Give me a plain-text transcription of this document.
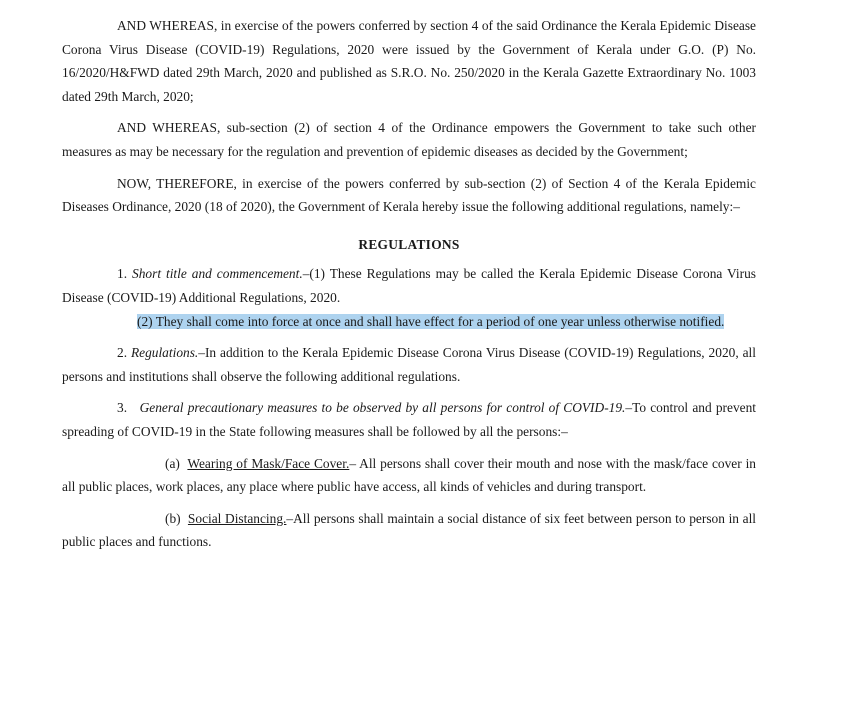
AND WHEREAS, in exercise of the powers conferred by section 4 of the said Ordinance the Kerala Epidemic Disease Corona Virus Disease (COVID-19) Regulations, 2020 were issued by the Government of Kerala under G.O. (P) No. 16/2020/H&FWD dated 29th March, 2020 and published as S.R.O. No. 250/2020 in the Kerala Gazette Extraordinary No. 1003 dated 29th March, 2020;

AND WHEREAS, sub-section (2) of section 4 of the Ordinance empowers the Government to take such other measures as may be necessary for the regulation and prevention of epidemic diseases as decided by the Government;

NOW, THEREFORE, in exercise of the powers conferred by sub-section (2) of Section 4 of the Kerala Epidemic Diseases Ordinance, 2020 (18 of 2020), the Government of Kerala hereby issue the following additional regulations, namely:–

REGULATIONS

1. Short title and commencement.–(1) These Regulations may be called the Kerala Epidemic Disease Corona Virus Disease (COVID-19) Additional Regulations, 2020.

(2) They shall come into force at once and shall have effect for a period of one year unless otherwise notified.

2. Regulations.–In addition to the Kerala Epidemic Disease Corona Virus Disease (COVID-19) Regulations, 2020, all persons and institutions shall observe the following additional regulations.

3. General precautionary measures to be observed by all persons for control of COVID-19.–To control and prevent spreading of COVID-19 in the State following measures shall be followed by all the persons:–

(a) Wearing of Mask/Face Cover.– All persons shall cover their mouth and nose with the mask/face cover in all public places, work places, any place where public have access, all kinds of vehicles and during transport.

(b) Social Distancing.–All persons shall maintain a social distance of six feet between person to person in all public places and functions.
